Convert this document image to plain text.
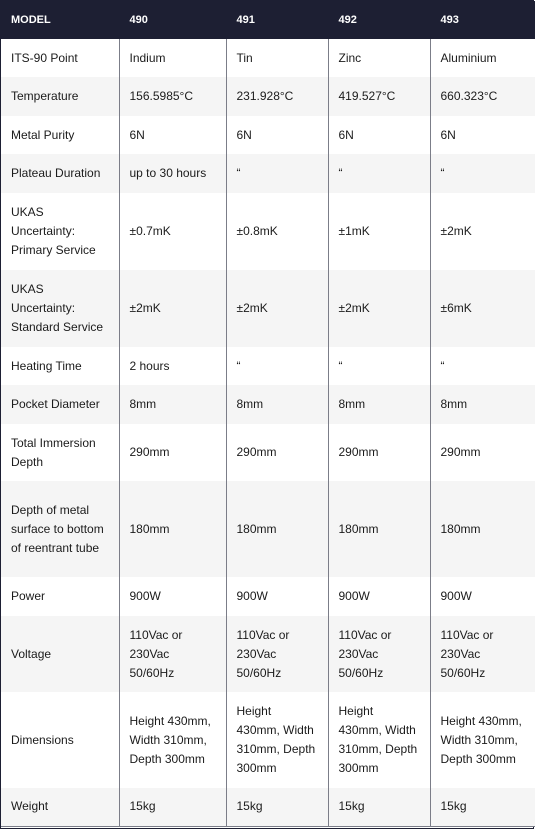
MODEL	490	491	492	493
ITS-90 Point	Indium	Tin	Zinc	Aluminium
Temperature	156.5985°C	231.928°C	419.527°C	660.323°C
Metal Purity	6N	6N	6N	6N
Plateau Duration	up to 30 hours	“	“	“
UKAS Uncertainty: Primary Service	±0.7mK	±0.8mK	±1mK	±2mK
UKAS Uncertainty: Standard Service	±2mK	±2mK	±2mK	±6mK
Heating Time	2 hours	“	“	“
Pocket Diameter	8mm	8mm	8mm	8mm
Total Immersion Depth	290mm	290mm	290mm	290mm
Depth of metal surface to bottom of reentrant tube	180mm	180mm	180mm	180mm
Power	900W	900W	900W	900W
Voltage	110Vac or 230Vac 50/60Hz	110Vac or 230Vac 50/60Hz	110Vac or 230Vac 50/60Hz	110Vac or 230Vac 50/60Hz
Dimensions	Height 430mm, Width 310mm, Depth 300mm	Height 430mm, Width 310mm, Depth 300mm	Height 430mm, Width 310mm, Depth 300mm	Height 430mm, Width 310mm, Depth 300mm
Weight	15kg	15kg	15kg	15kg
